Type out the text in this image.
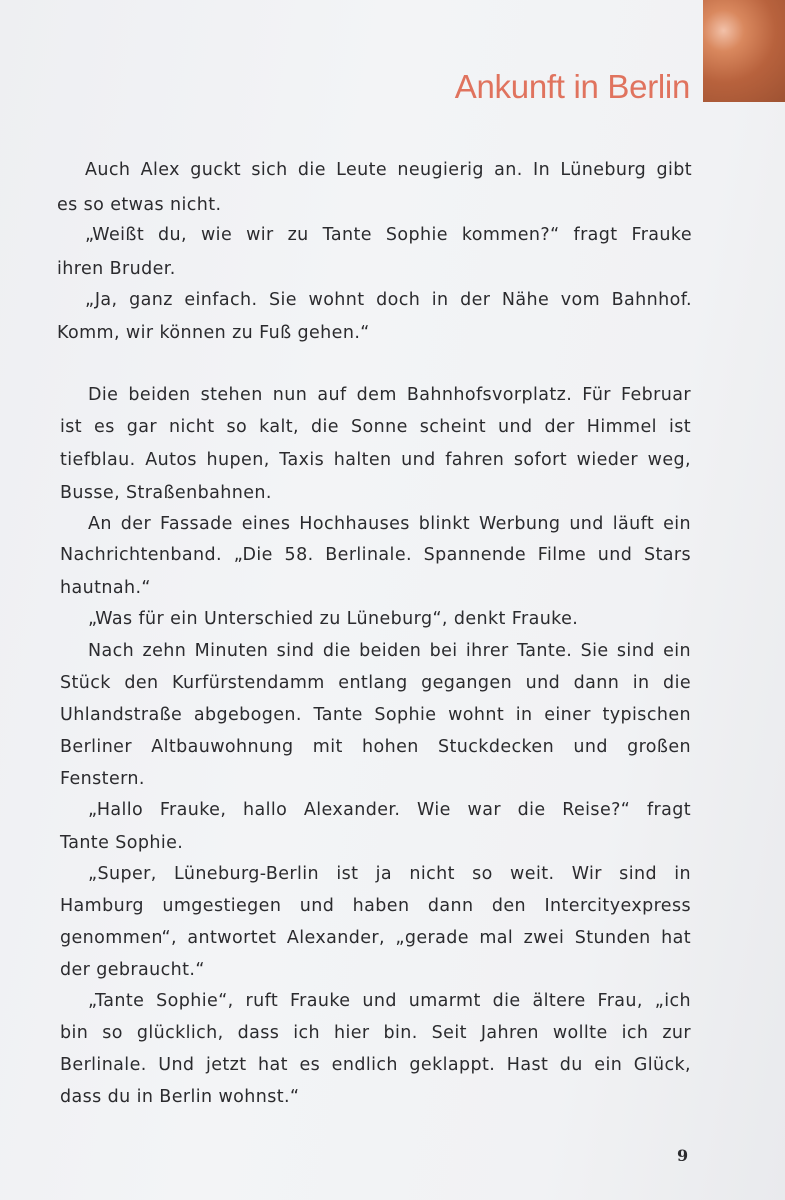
Ankunft in Berlin

Auch Alex guckt sich die Leute neugierig an. In Lüneburg gibt

es so etwas nicht.

„Weißt du, wie wir zu Tante Sophie kommen?“ fragt Frauke

ihren Bruder.

„Ja, ganz einfach. Sie wohnt doch in der Nähe vom Bahnhof.

Komm, wir können zu Fuß gehen.“

Die beiden stehen nun auf dem Bahnhofsvorplatz. Für Februar

ist es gar nicht so kalt, die Sonne scheint und der Himmel ist

tiefblau. Autos hupen, Taxis halten und fahren sofort wieder weg,

Busse, Straßenbahnen.

An der Fassade eines Hochhauses blinkt Werbung und läuft ein

Nachrichtenband. „Die 58. Berlinale. Spannende Filme und Stars

hautnah.“

„Was für ein Unterschied zu Lüneburg“, denkt Frauke.

Nach zehn Minuten sind die beiden bei ihrer Tante. Sie sind ein

Stück den Kurfürstendamm entlang gegangen und dann in die

Uhlandstraße abgebogen. Tante Sophie wohnt in einer typischen

Berliner Altbauwohnung mit hohen Stuckdecken und großen

Fenstern.

„Hallo Frauke, hallo Alexander. Wie war die Reise?“ fragt

Tante Sophie.

„Super, Lüneburg-Berlin ist ja nicht so weit. Wir sind in

Hamburg umgestiegen und haben dann den Intercityexpress

genommen“, antwortet Alexander, „gerade mal zwei Stunden hat

der gebraucht.“

„Tante Sophie“, ruft Frauke und umarmt die ältere Frau, „ich

bin so glücklich, dass ich hier bin. Seit Jahren wollte ich zur

Berlinale. Und jetzt hat es endlich geklappt. Hast du ein Glück,

dass du in Berlin wohnst.“

9
